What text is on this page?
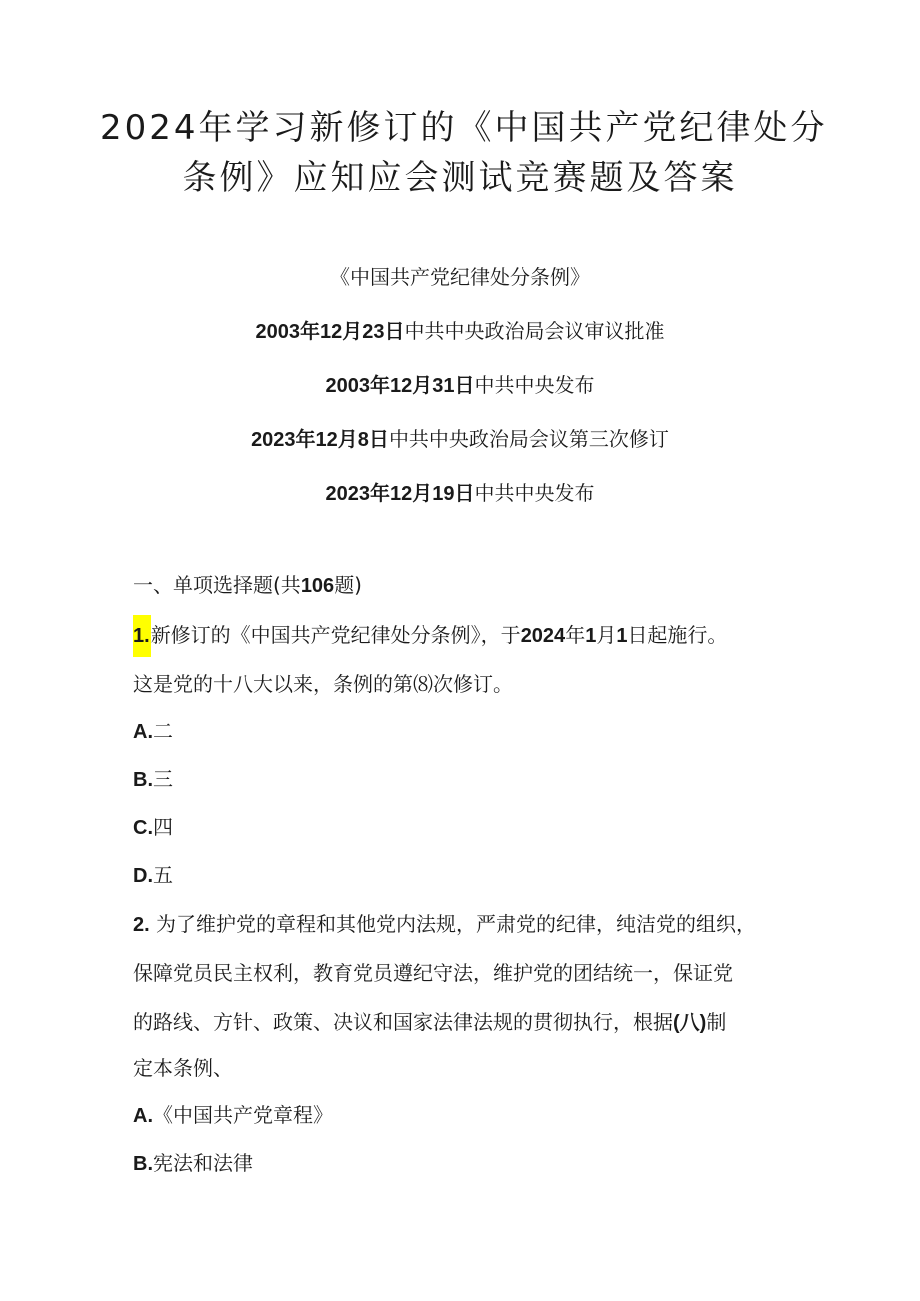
2024年学习新修订的《中国共产党纪律处分
条例》应知应会测试竞赛题及答案
《中国共产党纪律处分条例》
2003年12月23日中共中央政治局会议审议批准
2003年12月31日中共中央发布
2023年12月8日中共中央政治局会议第三次修订
2023年12月19日中共中央发布
一、单项选择题(共106题)
1.新修订的《中国共产党纪律处分条例》，于2024年1月1日起施行。
这是党的十八大以来，条例的第⑻次修订。
A.二
B.三
C.四
D.五
2. 为了维护党的章程和其他党内法规，严肃党的纪律，纯洁党的组织，
保障党员民主权利，教育党员遵纪守法，维护党的团结统一，保证党
的路线、方针、政策、决议和国家法律法规的贯彻执行，根据(八)制
定本条例、
A.《中国共产党章程》
B.宪法和法律
